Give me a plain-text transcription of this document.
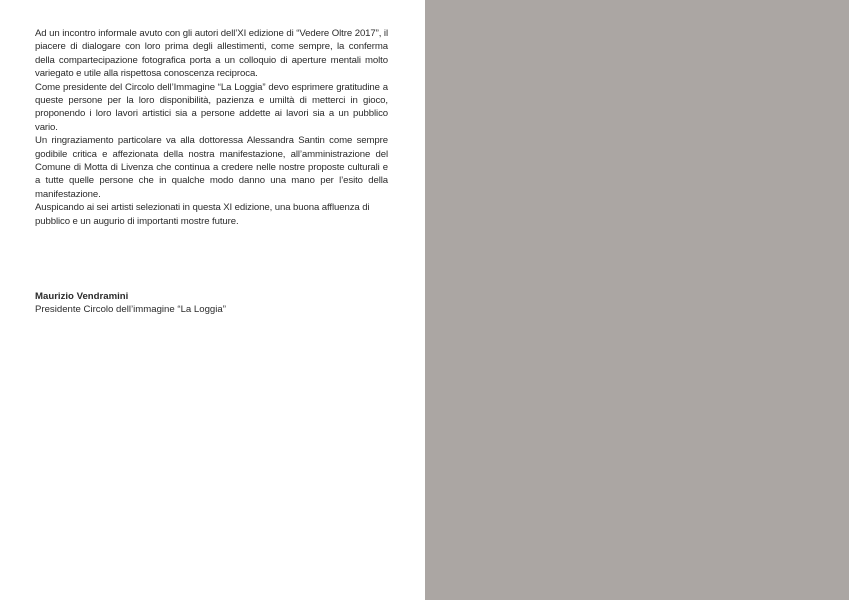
Ad un incontro informale avuto con gli autori dell’XI edizione di “Vedere Oltre 2017”, il piacere di dialogare con loro prima degli allestimenti, come sempre, la conferma della compartecipazione fotografica porta a un colloquio di aperture mentali molto variegato e utile alla rispettosa conoscenza reciproca.

Come presidente del Circolo dell’Immagine “La Loggia” devo esprimere gratitudine a queste persone per la loro disponibilità, pazienza e umiltà di metterci in gioco, proponendo i loro lavori artistici sia a persone addette ai lavori sia a un pubblico vario.

Un ringraziamento particolare va alla dottoressa Alessandra Santin come sempre godibile critica e affezionata della nostra manifestazione, all’amministrazione del Comune di Motta di Livenza che continua a credere nelle nostre proposte culturali e a tutte quelle persone che in qualche modo danno una mano per l’esito della manifestazione.

Auspicando ai sei artisti selezionati in questa XI edizione, una buona affluenza di pubblico e un augurio di importanti mostre future.

Maurizio Vendramini

Presidente Circolo dell’immagine “La Loggia”
